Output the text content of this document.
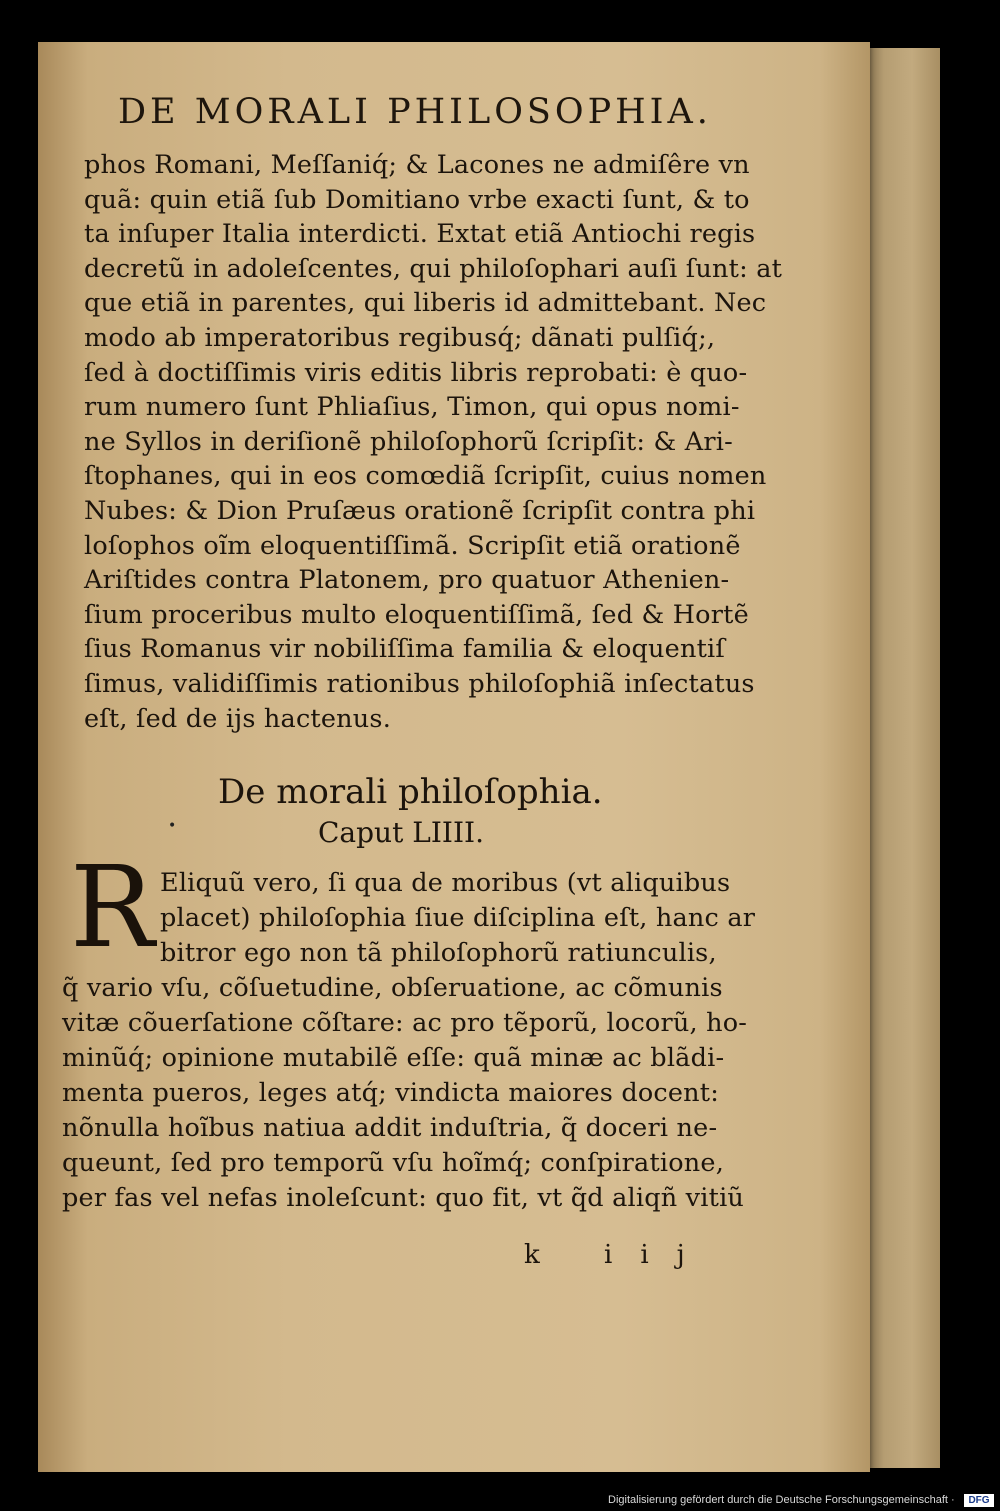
DE MORALI PHILOSOPHIA.
phos Romani, Meſſaniq́; & Lacones ne admiſêre vn
quã: quin etiã ſub Domitiano vrbe exacti ſunt, & to
ta inſuper Italia interdicti. Extat etiã Antiochi regis
decretũ in adoleſcentes, qui philoſophari auſi ſunt: at
que etiã in parentes, qui liberis id admittebant. Nec
modo ab imperatoribus regibusq́; dãnati pulſiq́;,
ſed à doctiſſimis viris editis libris reprobati: è quo-
rum numero ſunt Phliaſius, Timon, qui opus nomi-
ne Syllos in deriſionẽ philoſophorũ ſcripſit: & Ari-
ſtophanes, qui in eos comœdiã ſcripſit, cuius nomen
Nubes: & Dion Pruſæus orationẽ ſcripſit contra phi
loſophos oĩm eloquentiſſimã. Scripſit etiã orationẽ
Ariſtides contra Platonem, pro quatuor Athenien-
ſium proceribus multo eloquentiſſimã, ſed & Hortẽ
ſius Romanus vir nobiliſſima familia & eloquentiſ
ſimus, validiſſimis rationibus philoſophiã inſectatus
eſt, ſed de ijs hactenus.
•
De morali philoſophia.
Caput LIIII.
R Eliquũ vero, ſi qua de moribus (vt aliquibus
placet) philoſophia ſiue diſciplina eſt, hanc ar
bitror ego non tã philoſophorũ ratiunculis,
q̃ vario vſu, cõſuetudine, obſeruatione, ac cõmunis
vitæ cõuerſatione cõſtare: ac pro tẽporũ, locorũ, ho-
minũq́; opinione mutabilẽ eſſe: quã minæ ac blãdi-
menta pueros, leges atq́; vindicta maiores docent:
nõnulla hoĩbus natiua addit induſtria, q̃ doceri ne-
queunt, ſed pro temporũ vſu hoĩmq́; conſpiratione,
per fas vel nefas inoleſcunt: quo fit, vt q̃d aliqñ vitiũ
k iij
Digitalisierung gefördert durch die Deutsche Forschungsgemeinschaft ·	DFG
